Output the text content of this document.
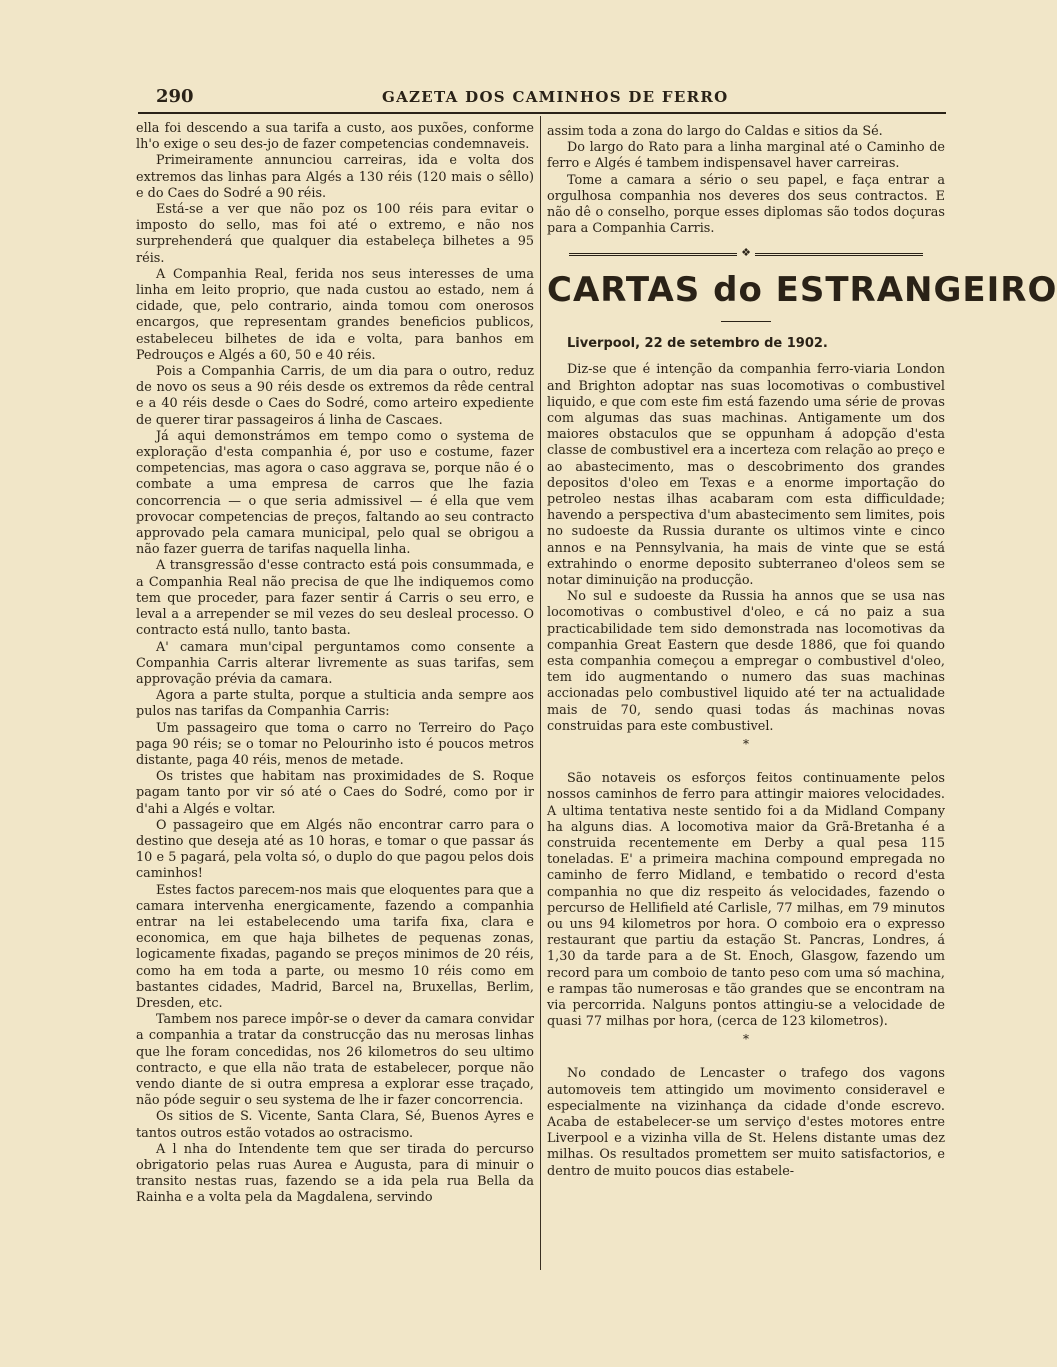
290	GAZETA DOS CAMINHOS DE FERRO

ella foi descendo a sua tarifa a custo, aos puxões, conforme lh'o exige o seu des-jo de fazer competencias condemnaveis.

Primeiramente annunciou carreiras, ida e volta dos extremos das linhas para Algés a 130 réis (120 mais o sêllo) e do Caes do Sodré a 90 réis.

Está-se a ver que não poz os 100 réis para evitar o imposto do sello, mas foi até o extremo, e não nos surprehenderá que qualquer dia estabeleça bilhetes a 95 réis.

A Companhia Real, ferida nos seus interesses de uma linha em leito proprio, que nada custou ao estado, nem á cidade, que, pelo contrario, ainda tomou com onerosos encargos, que representam grandes beneficios publicos, estabeleceu bilhetes de ida e volta, para banhos em Pedrouços e Algés a 60, 50 e 40 réis.

Pois a Companhia Carris, de um dia para o outro, reduz de novo os seus a 90 réis desde os extremos da rêde central e a 40 réis desde o Caes do Sodré, como arteiro expediente de querer tirar passageiros á linha de Cascaes.

Já aqui demonstrámos em tempo como o systema de exploração d'esta companhia é, por uso e costume, fazer competencias, mas agora o caso aggrava se, porque não é o combate a uma empresa de carros que lhe fazia concorrencia — o que seria admissivel — é ella que vem provocar competencias de preços, faltando ao seu contracto approvado pela camara municipal, pelo qual se obrigou a não fazer guerra de tarifas naquella linha.

A transgressão d'esse contracto está pois consummada, e a Companhia Real não precisa de que lhe indiquemos como tem que proceder, para fazer sentir á Carris o seu erro, e leval a a arrepender se mil vezes do seu desleal processo. O contracto está nullo, tanto basta.

A' camara mun'cipal perguntamos como consente a Companhia Carris alterar livremente as suas tarifas, sem approvação prévia da camara.

Agora a parte stulta, porque a stulticia anda sempre aos pulos nas tarifas da Companhia Carris:

Um passageiro que toma o carro no Terreiro do Paço paga 90 réis; se o tomar no Pelourinho isto é poucos metros distante, paga 40 réis, menos de metade.

Os tristes que habitam nas proximidades de S. Roque pagam tanto por vir só até o Caes do Sodré, como por ir d'ahi a Algés e voltar.

O passageiro que em Algés não encontrar carro para o destino que deseja até as 10 horas, e tomar o que passar ás 10 e 5 pagará, pela volta só, o duplo do que pagou pelos dois caminhos!

Estes factos parecem-nos mais que eloquentes para que a camara intervenha energicamente, fazendo a companhia entrar na lei estabelecendo uma tarifa fixa, clara e economica, em que haja bilhetes de pequenas zonas, logicamente fixadas, pagando se preços minimos de 20 réis, como ha em toda a parte, ou mesmo 10 réis como em bastantes cidades, Madrid, Barcel na, Bruxellas, Berlim, Dresden, etc.

Tambem nos parece impôr-se o dever da camara convidar a companhia a tratar da construcção das nu merosas linhas que lhe foram concedidas, nos 26 kilometros do seu ultimo contracto, e que ella não trata de estabelecer, porque não vendo diante de si outra empresa a explorar esse traçado, não póde seguir o seu systema de lhe ir fazer concorrencia.

Os sitios de S. Vicente, Santa Clara, Sé, Buenos Ayres e tantos outros estão votados ao ostracismo.

A l nha do Intendente tem que ser tirada do percurso obrigatorio pelas ruas Aurea e Augusta, para di minuir o transito nestas ruas, fazendo se a ida pela rua Bella da Rainha e a volta pela da Magdalena, servindo

assim toda a zona do largo do Caldas e sitios da Sé.

Do largo do Rato para a linha marginal até o Caminho de ferro e Algés é tambem indispensavel haver carreiras.

Tome a camara a sério o seu papel, e faça entrar a orgulhosa companhia nos deveres dos seus contractos. E não dê o conselho, porque esses diplomas são todos doçuras para a Companhia Carris.

❖
CARTAS do ESTRANGEIRO
Liverpool, 22 de setembro de 1902.

Diz-se que é intenção da companhia ferro-viaria London and Brighton adoptar nas suas locomotivas o combustivel liquido, e que com este fim está fazendo uma série de provas com algumas das suas machinas. Antigamente um dos maiores obstaculos que se oppunham á adopção d'esta classe de combustivel era a incerteza com relação ao preço e ao abastecimento, mas o descobrimento dos grandes depositos d'oleo em Texas e a enorme importação do petroleo nestas ilhas acabaram com esta difficuldade; havendo a perspectiva d'um abastecimento sem limites, pois no sudoeste da Russia durante os ultimos vinte e cinco annos e na Pennsylvania, ha mais de vinte que se está extrahindo o enorme deposito subterraneo d'oleos sem se notar diminuição na producção.

No sul e sudoeste da Russia ha annos que se usa nas locomotivas o combustivel d'oleo, e cá no paiz a sua practicabilidade tem sido demonstrada nas locomotivas da companhia Great Eastern que desde 1886, que foi quando esta companhia começou a empregar o combustivel d'oleo, tem ido augmentando o numero das suas machinas accionadas pelo combustivel liquido até ter na actualidade mais de 70, sendo quasi todas ás machinas novas construidas para este combustivel.

*

São notaveis os esforços feitos continuamente pelos nossos caminhos de ferro para attingir maiores velocidades. A ultima tentativa neste sentido foi a da Midland Company ha alguns dias. A locomotiva maior da Grã-Bretanha é a construida recentemente em Derby a qual pesa 115 toneladas. E' a primeira machina compound empregada no caminho de ferro Midland, e tembatido o record d'esta companhia no que diz respeito ás velocidades, fazendo o percurso de Hellifield até Carlisle, 77 milhas, em 79 minutos ou uns 94 kilometros por hora. O comboio era o expresso restaurant que partiu da estação St. Pancras, Londres, á 1,30 da tarde para a de St. Enoch, Glasgow, fazendo um record para um comboio de tanto peso com uma só machina, e rampas tão numerosas e tão grandes que se encontram na via percorrida. Nalguns pontos attingiu-se a velocidade de quasi 77 milhas por hora, (cerca de 123 kilometros).

*

No condado de Lencaster o trafego dos vagons automoveis tem attingido um movimento consideravel e especialmente na vizinhança da cidade d'onde escrevo. Acaba de estabelecer-se um serviço d'estes motores entre Liverpool e a vizinha villa de St. Helens distante umas dez milhas. Os resultados promettem ser muito satisfactorios, e dentro de muito poucos dias estabele-
